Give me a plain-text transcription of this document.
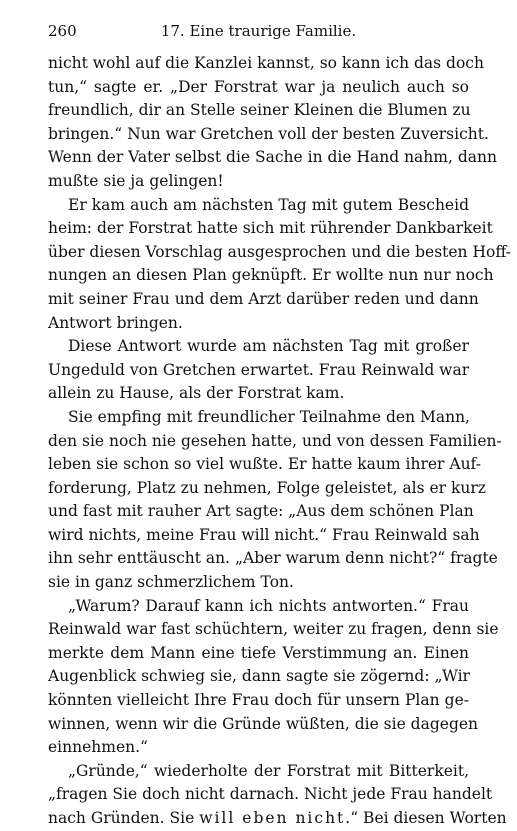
260	17. Eine traurige Familie.
nicht wohl auf die Kanzlei kannst, so kann ich das doch
tun,“ sagte er. „Der Forstrat war ja neulich auch so
freundlich, dir an Stelle seiner Kleinen die Blumen zu
bringen.“ Nun war Gretchen voll der besten Zuversicht.
Wenn der Vater selbst die Sache in die Hand nahm, dann
mußte sie ja gelingen!
Er kam auch am nächsten Tag mit gutem Bescheid
heim: der Forstrat hatte sich mit rührender Dankbarkeit
über diesen Vorschlag ausgesprochen und die besten Hoff-
nungen an diesen Plan geknüpft. Er wollte nun nur noch
mit seiner Frau und dem Arzt darüber reden und dann
Antwort bringen.
Diese Antwort wurde am nächsten Tag mit großer
Ungeduld von Gretchen erwartet. Frau Reinwald war
allein zu Hause, als der Forstrat kam.
Sie empfing mit freundlicher Teilnahme den Mann,
den sie noch nie gesehen hatte, und von dessen Familien-
leben sie schon so viel wußte. Er hatte kaum ihrer Auf-
forderung, Platz zu nehmen, Folge geleistet, als er kurz
und fast mit rauher Art sagte: „Aus dem schönen Plan
wird nichts, meine Frau will nicht.“ Frau Reinwald sah
ihn sehr enttäuscht an. „Aber warum denn nicht?“ fragte
sie in ganz schmerzlichem Ton.
„Warum? Darauf kann ich nichts antworten.“ Frau
Reinwald war fast schüchtern, weiter zu fragen, denn sie
merkte dem Mann eine tiefe Verstimmung an. Einen
Augenblick schwieg sie, dann sagte sie zögernd: „Wir
könnten vielleicht Ihre Frau doch für unsern Plan ge-
winnen, wenn wir die Gründe wüßten, die sie dagegen
einnehmen.“
„Gründe,“ wiederholte der Forstrat mit Bitterkeit,
„fragen Sie doch nicht darnach. Nicht jede Frau handelt
nach Gründen. Sie will eben nicht.“ Bei diesen Worten
